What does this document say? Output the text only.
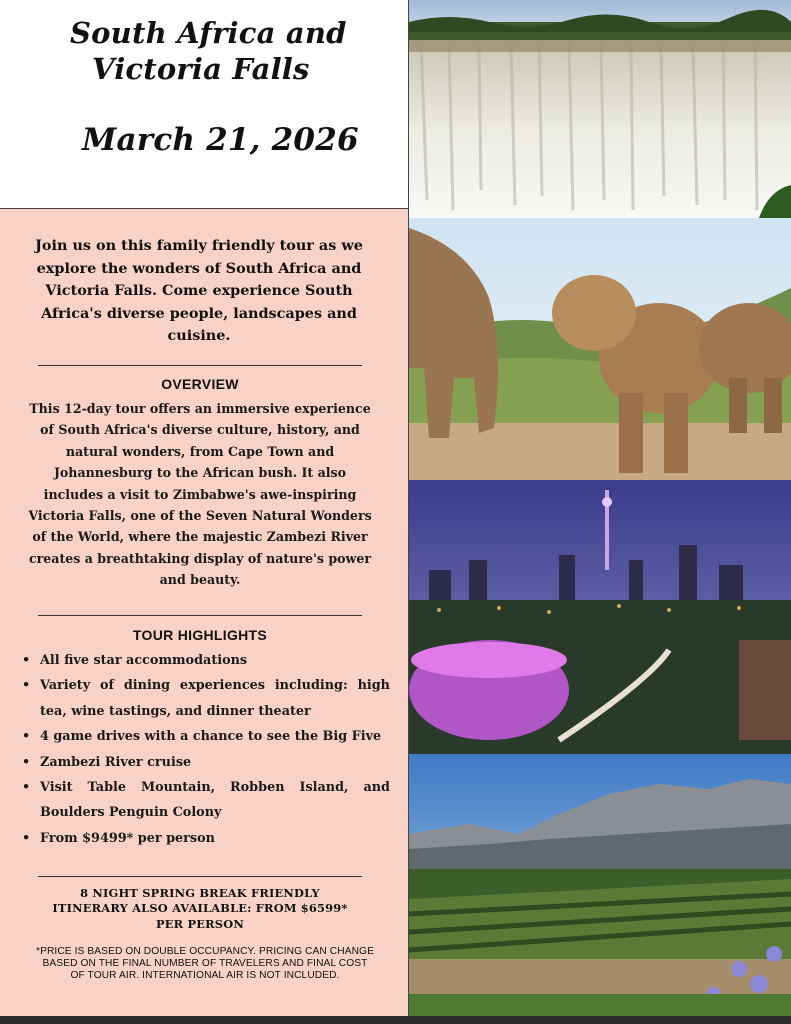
South Africa and
Victoria Falls
March 21, 2026

Join us on this family friendly tour as we explore the wonders of South Africa and Victoria Falls. Come experience South Africa's diverse people, landscapes and cuisine.

OVERVIEW

This 12-day tour offers an immersive experience of South Africa's diverse culture, history, and natural wonders, from Cape Town and Johannesburg to the African bush. It also includes a visit to Zimbabwe's awe-inspiring Victoria Falls, one of the Seven Natural Wonders of the World, where the majestic Zambezi River creates a breathtaking display of nature's power and beauty.

TOUR HIGHLIGHTS
• All five star accommodations
• Variety of dining experiences including: high tea, wine tastings, and dinner theater
• 4 game drives with a chance to see the Big Five
• Zambezi River cruise
• Visit Table Mountain, Robben Island, and Boulders Penguin Colony
• From $9499* per person
8 NIGHT SPRING BREAK FRIENDLY
ITINERARY ALSO AVAILABLE: FROM $6599*
PER PERSON

*PRICE IS BASED ON DOUBLE OCCUPANCY. PRICING CAN CHANGE BASED ON THE FINAL NUMBER OF TRAVELERS AND FINAL COST OF TOUR AIR. INTERNATIONAL AIR IS NOT INCLUDED.
